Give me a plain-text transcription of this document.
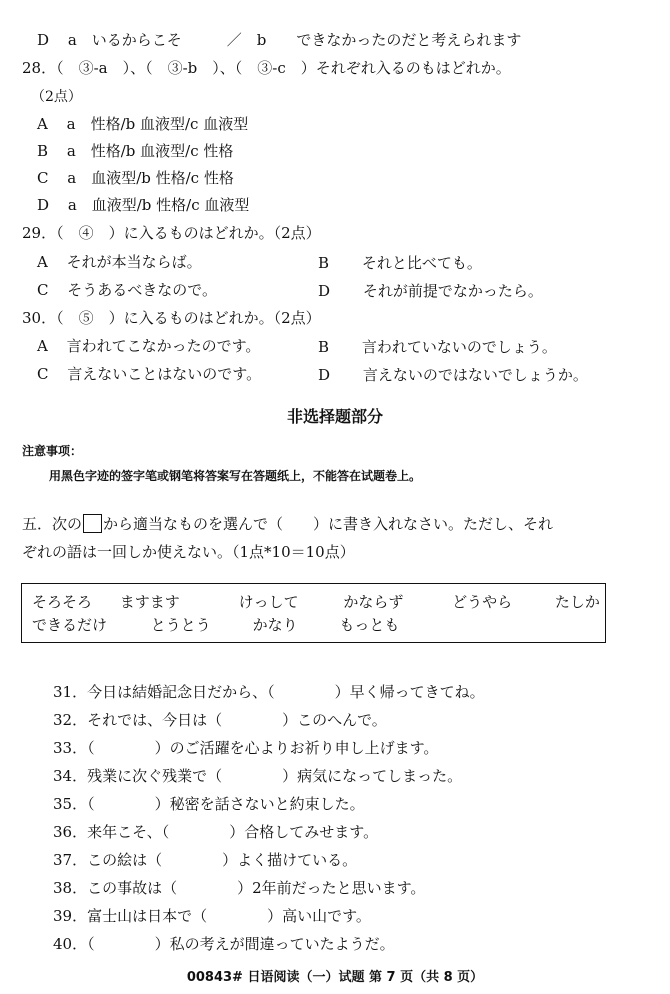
D a　いるからこそ　　　／　b　　できなかったのだと考えられます
28．（　③-a　）、（　③-b　）、（　③-c　）それぞれ入るのもはどれか。
（2点）
A a　性格/b 血液型/c 血液型
B a　性格/b 血液型/c 性格
C a　血液型/b 性格/c 性格
D a　血液型/b 性格/c 血液型
29．（　④　）に入るものはどれか。（2点）
A それが本当ならば。	B それと比べても。
C そうあるべきなので。	D それが前提でなかったら。
30．（　⑤　）に入るものはどれか。（2点）
A 言われてこなかったのです。	B 言われていないのでしょう。
C 言えないことはないのです。	D 言えないのではないでしょうか。
非选择题部分
注意事项：
用黑色字迹的签字笔或钢笔将答案写在答题纸上，不能答在试题卷上。
五．次の から適当なものを選んで（　　）に書き入れなさい。ただし、それ
ぞれの語は一回しか使えない。（1点*10＝10点）
そろそろ ますます	けっして	かならず	どうやら	たしか
できるだけ	とうとう	かなり	もっとも
31．今日は結婚記念日だから、（　　　　）早く帰ってきてね。
32．それでは、今日は（　　　　）このへんで。
33．（　　　　）のご活躍を心よりお祈り申し上げます。
34．残業に次ぐ残業で（　　　　）病気になってしまった。
35．（　　　　）秘密を話さないと約束した。
36．来年こそ、（　　　　）合格してみせます。
37．この絵は（　　　　）よく描けている。
38．この事故は（　　　　）2年前だったと思います。
39．富士山は日本で（　　　　）高い山です。
40．（　　　　）私の考えが間違っていたようだ。
00843# 日语阅读（一）试题 第 7 页（共 8 页）
